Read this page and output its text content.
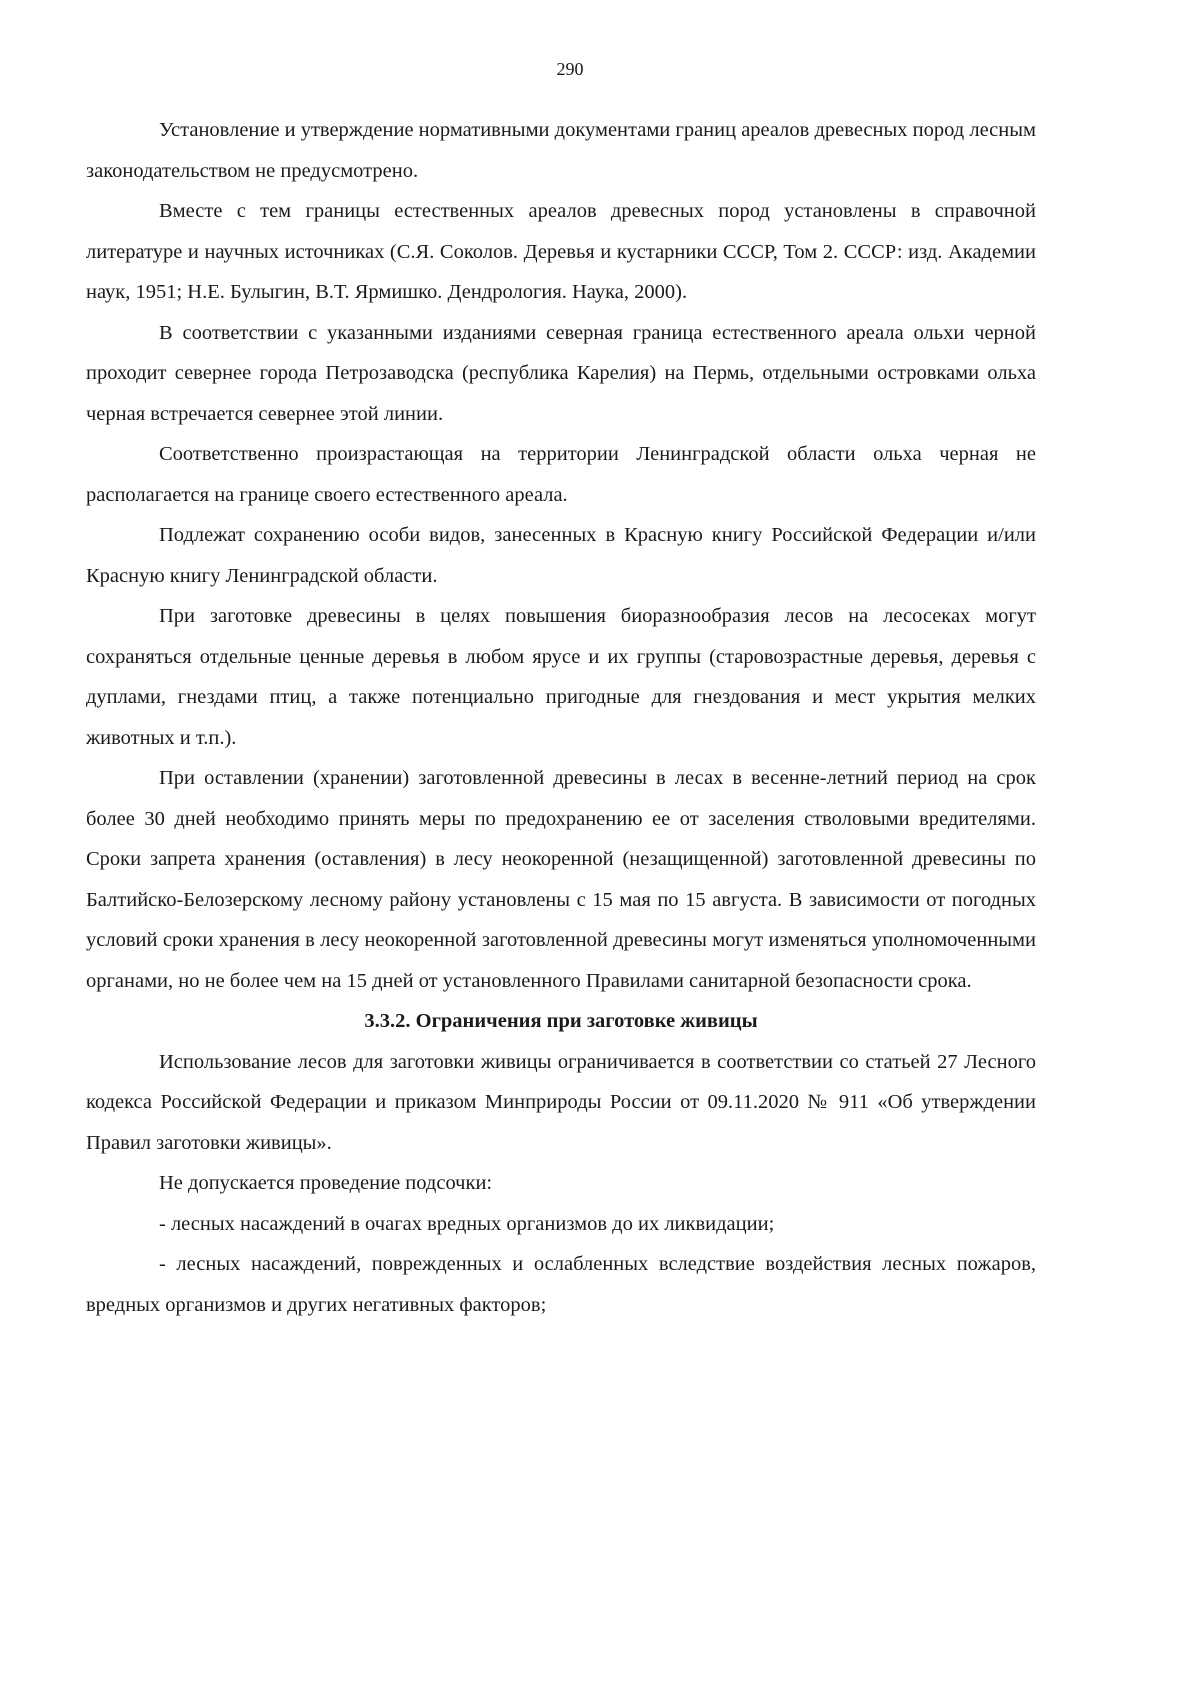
290

Установление и утверждение нормативными документами границ ареалов древесных пород лесным законодательством не предусмотрено.

Вместе с тем границы естественных ареалов древесных пород установлены в справочной литературе и научных источниках (С.Я. Соколов. Деревья и кустарники СССР, Том 2. СССР: изд. Академии наук, 1951; Н.Е. Булыгин, В.Т. Ярмишко. Дендрология. Наука, 2000).

В соответствии с указанными изданиями северная граница естественного ареала ольхи черной проходит севернее города Петрозаводска (республика Карелия) на Пермь, отдельными островками ольха черная встречается севернее этой линии.

Соответственно произрастающая на территории Ленинградской области ольха черная не располагается на границе своего естественного ареала.

Подлежат сохранению особи видов, занесенных в Красную книгу Российской Федерации и/или Красную книгу Ленинградской области.

При заготовке древесины в целях повышения биоразнообразия лесов на лесосеках могут сохраняться отдельные ценные деревья в любом ярусе и их группы (старовозрастные деревья, деревья с дуплами, гнездами птиц, а также потенциально пригодные для гнездования и мест укрытия мелких животных и т.п.).

При оставлении (хранении) заготовленной древесины в лесах в весенне-летний период на срок более 30 дней необходимо принять меры по предохранению ее от заселения стволовыми вредителями. Сроки запрета хранения (оставления) в лесу неокоренной (незащищенной) заготовленной древесины по Балтийско-Белозерскому лесному району установлены с 15 мая по 15 августа. В зависимости от погодных условий сроки хранения в лесу неокоренной заготовленной древесины могут изменяться уполномоченными органами, но не более чем на 15 дней от установленного Правилами санитарной безопасности срока.

3.3.2. Ограничения при заготовке живицы

Использование лесов для заготовки живицы ограничивается в соответствии со статьей 27 Лесного кодекса Российской Федерации и приказом Минприроды России от 09.11.2020 № 911 «Об утверждении Правил заготовки живицы».

Не допускается проведение подсочки:

- лесных насаждений в очагах вредных организмов до их ликвидации;

- лесных насаждений, поврежденных и ослабленных вследствие воздействия лесных пожаров, вредных организмов и других негативных факторов;
